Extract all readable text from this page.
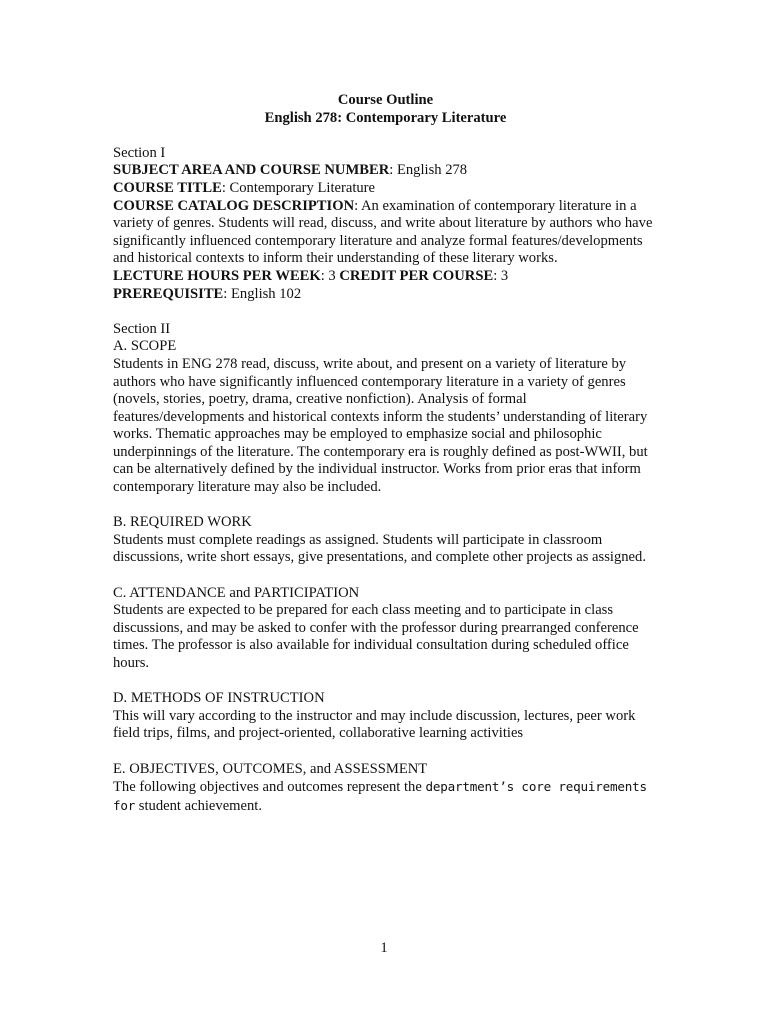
Course Outline

English 278: Contemporary Literature

Section I

SUBJECT AREA AND COURSE NUMBER: English 278

COURSE TITLE: Contemporary Literature

COURSE CATALOG DESCRIPTION: An examination of contemporary literature in a variety of genres. Students will read, discuss, and write about literature by authors who have significantly influenced contemporary literature and analyze formal features/developments and historical contexts to inform their understanding of these literary works.

LECTURE HOURS PER WEEK: 3 CREDIT PER COURSE: 3

PREREQUISITE: English 102

Section II

A. SCOPE

Students in ENG 278 read, discuss, write about, and present on a variety of literature by authors who have significantly influenced contemporary literature in a variety of genres (novels, stories, poetry, drama, creative nonfiction). Analysis of formal features/developments and historical contexts inform the students’ understanding of literary works. Thematic approaches may be employed to emphasize social and philosophic underpinnings of the literature. The contemporary era is roughly defined as post-WWII, but can be alternatively defined by the individual instructor. Works from prior eras that inform contemporary literature may also be included.

B. REQUIRED WORK

Students must complete readings as assigned. Students will participate in classroom discussions, write short essays, give presentations, and complete other projects as assigned.

C. ATTENDANCE and PARTICIPATION

Students are expected to be prepared for each class meeting and to participate in class discussions, and may be asked to confer with the professor during prearranged conference times. The professor is also available for individual consultation during scheduled office hours.

D. METHODS OF INSTRUCTION

This will vary according to the instructor and may include discussion, lectures, peer work field trips, films, and project-oriented, collaborative learning activities

E. OBJECTIVES, OUTCOMES, and ASSESSMENT

The following objectives and outcomes represent the department’s core requirements for student achievement.

1
